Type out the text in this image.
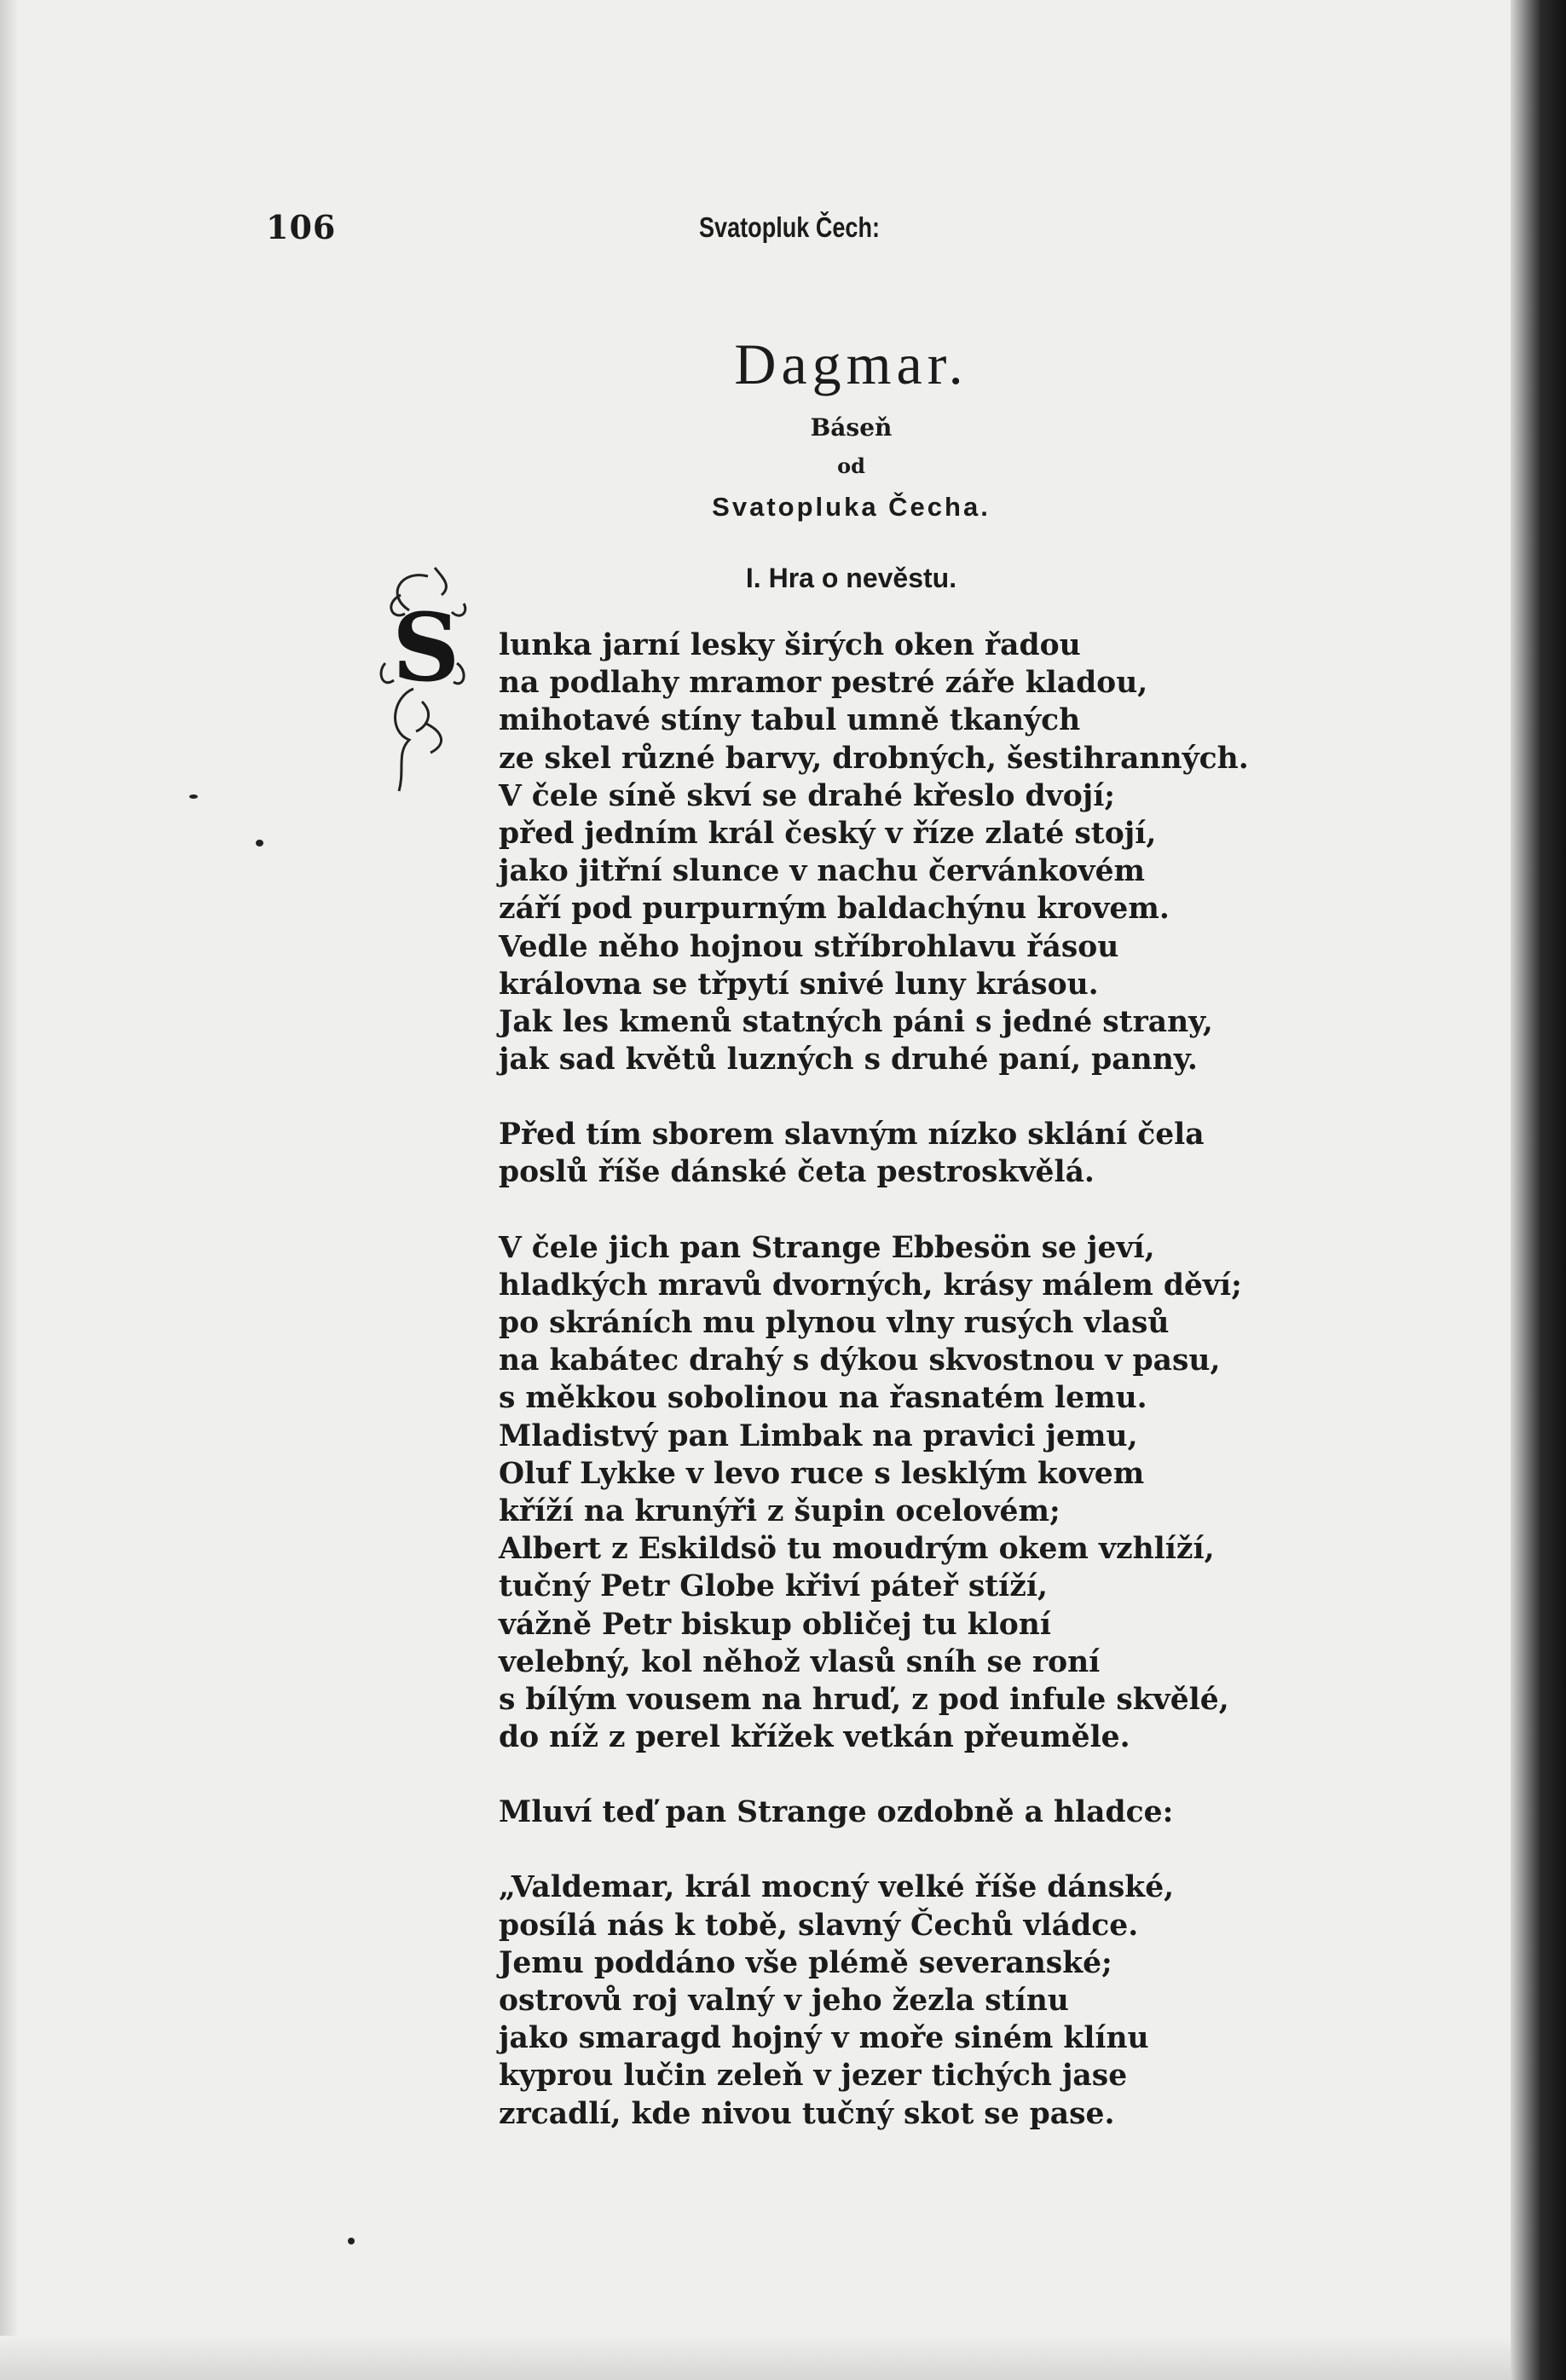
106	Svatopluk Čech:
Dagmar.
Báseň
od
Svatopluka Čecha.
I. Hra o nevěstu.
S lunka jarní lesky širých oken řadou
na podlahy mramor pestré záře kladou,
mihotavé stíny tabul umně tkaných
ze skel různé barvy, drobných, šestihranných.
V čele síně skví se drahé křeslo dvojí;
před jedním král český v říze zlaté stojí,
jako jitřní slunce v nachu červánkovém
září pod purpurným baldachýnu krovem.
Vedle něho hojnou stříbrohlavu řásou
královna se třpytí snivé luny krásou.
Jak les kmenů statných páni s jedné strany,
jak sad květů luzných s druhé paní, panny.
Před tím sborem slavným nízko sklání čela
poslů říše dánské četa pestroskvělá.
V čele jich pan Strange Ebbesön se jeví,
hladkých mravů dvorných, krásy málem děví;
po skráních mu plynou vlny rusých vlasů
na kabátec drahý s dýkou skvostnou v pasu,
s měkkou sobolinou na řasnatém lemu.
Mladistvý pan Limbak na pravici jemu,
Oluf Lykke v levo ruce s lesklým kovem
kříží na krunýři z šupin ocelovém;
Albert z Eskildsö tu moudrým okem vzhlíží,
tučný Petr Globe křiví páteř stíží,
vážně Petr biskup obličej tu kloní
velebný, kol něhož vlasů sníh se roní
s bílým vousem na hruď, z pod infule skvělé,
do níž z perel křížek vetkán přeuměle.
Mluví teď pan Strange ozdobně a hladce:
„Valdemar, král mocný velké říše dánské,
posílá nás k tobě, slavný Čechů vládce.
Jemu poddáno vše plémě severanské;
ostrovů roj valný v jeho žezla stínu
jako smaragd hojný v moře siném klínu
kyprou lučin zeleň v jezer tichých jase
zrcadlí, kde nivou tučný skot se pase.
